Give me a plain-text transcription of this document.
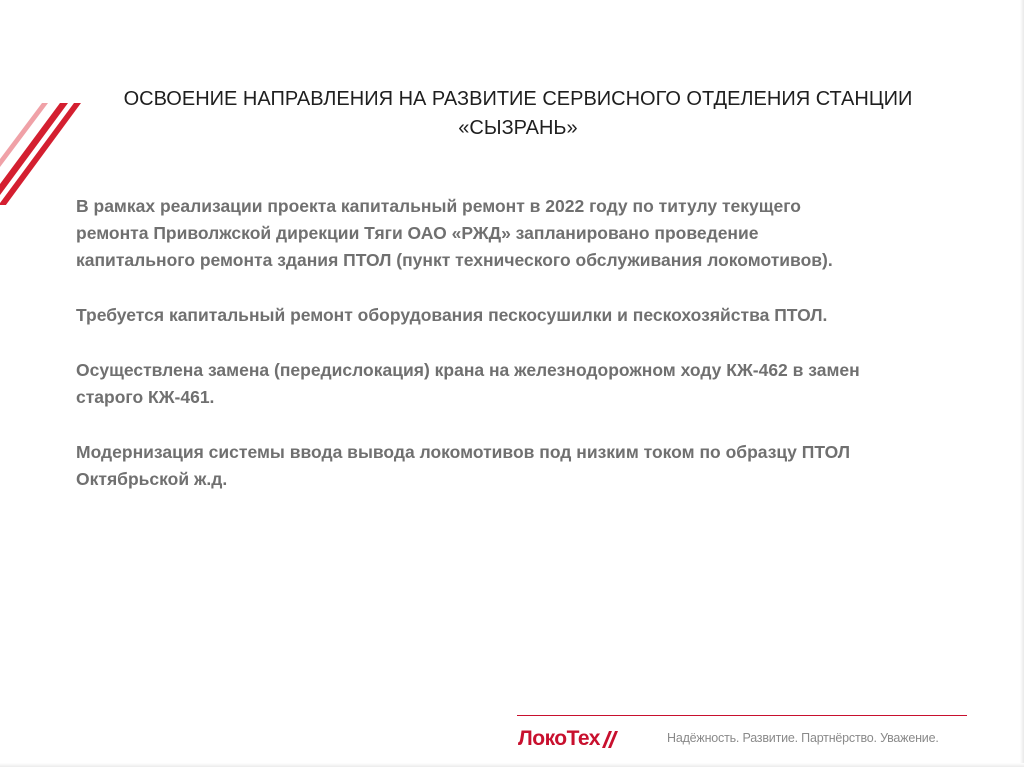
ОСВОЕНИЕ НАПРАВЛЕНИЯ НА РАЗВИТИЕ СЕРВИСНОГО ОТДЕЛЕНИЯ СТАНЦИИ «СЫЗРАНЬ»

В рамках реализации проекта капитальный ремонт в 2022 году по титулу текущего ремонта Приволжской дирекции Тяги ОАО «РЖД» запланировано проведение капитального ремонта здания ПТОЛ (пункт технического обслуживания локомотивов).

Требуется капитальный ремонт оборудования пескосушилки и пескохозяйства ПТОЛ.

Осуществлена замена (передислокация) крана на железнодорожном ходу КЖ-462 в замен старого КЖ-461.

Модернизация системы ввода вывода локомотивов под низким током по образцу ПТОЛ Октябрьской ж.д.

Локо Тех	Надёжность. Развитие. Партнёрство. Уважение.
